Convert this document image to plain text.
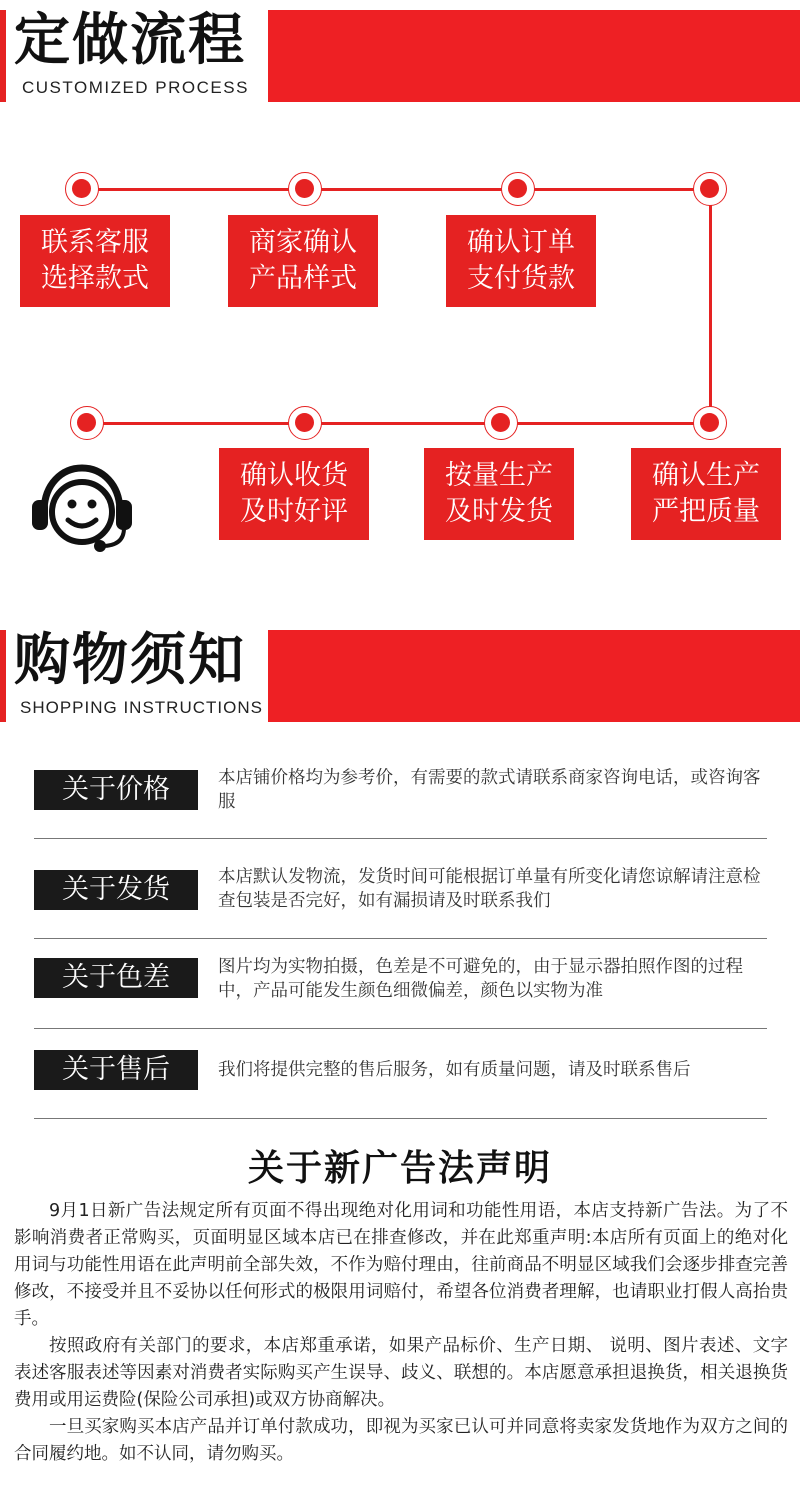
定做流程
CUSTOMIZED PROCESS
联系客服
选择款式
商家确认
产品样式
确认订单
支付货款
确认收货
及时好评
按量生产
及时发货
确认生产
严把质量
购物须知
SHOPPING INSTRUCTIONS
关于价格	本店铺价格均为参考价，有需要的款式请联系商家咨询电话，或咨询客服
关于发货	本店默认发物流，发货时间可能根据订单量有所变化请您谅解请注意检查包装是否完好，如有漏损请及时联系我们
关于色差	图片均为实物拍摄，色差是不可避免的，由于显示器拍照作图的过程中，产品可能发生颜色细微偏差，颜色以实物为准
关于售后	我们将提供完整的售后服务，如有质量问题，请及时联系售后
关于新广告法声明

9月1日新广告法规定所有页面不得出现绝对化用词和功能性用语，本店支持新广告法。为了不影响消费者正常购买，页面明显区域本店已在排查修改，并在此郑重声明:本店所有页面上的绝对化用词与功能性用语在此声明前全部失效，不作为赔付理由，往前商品不明显区域我们会逐步排查完善修改，不接受并且不妥协以任何形式的极限用词赔付，希望各位消费者理解，也请职业打假人高抬贵手。

按照政府有关部门的要求，本店郑重承诺，如果产品标价、生产日期、 说明、图片表述、文字表述客服表述等因素对消费者实际购买产生误导、歧义、联想的。本店愿意承担退换货，相关退换货费用或用运费险(保险公司承担)或双方协商解决。

一旦买家购买本店产品并订单付款成功，即视为买家已认可并同意将卖家发货地作为双方之间的合同履约地。如不认同，请勿购买。
